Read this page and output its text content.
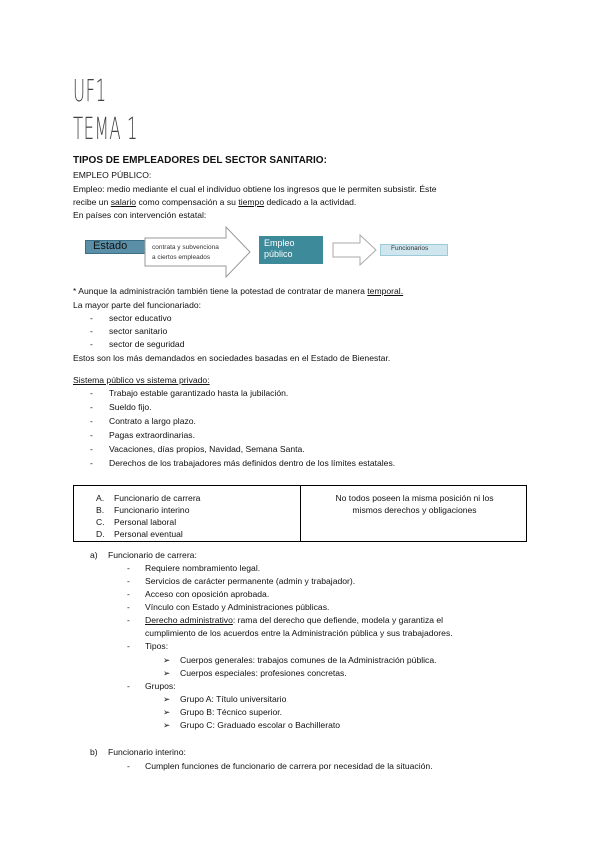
UF1
TEMA 1
TIPOS DE EMPLEADORES DEL SECTOR SANITARIO:
EMPLEO PÚBLICO:
Empleo: medio mediante el cual el individuo obtiene los ingresos que le permiten subsistir. Éste
recibe un salario como compensación a su tiempo dedicado a la actividad.
En países con intervención estatal:
Estado	contrata y subvenciona
a ciertos empleados
Empleo
público
Funcionarios
* Aunque la administración también tiene la potestad de contratar de manera temporal.
La mayor parte del funcionariado:
- sector educativo
- sector sanitario
- sector de seguridad
Estos son los más demandados en sociedades basadas en el Estado de Bienestar.
Sistema público vs sistema privado:
- Trabajo estable garantizado hasta la jubilación.
- Sueldo fijo.
- Contrato a largo plazo.
- Pagas extraordinarias.
- Vacaciones, días propios, Navidad, Semana Santa.
- Derechos de los trabajadores más definidos dentro de los límites estatales.
A. Funcionario de carrera
B. Funcionario interino
C. Personal laboral
D. Personal eventual
No todos poseen la misma posición ni los
mismos derechos y obligaciones
a) Funcionario de carrera:
- Requiere nombramiento legal.
- Servicios de carácter permanente (admin y trabajador).
- Acceso con oposición aprobada.
- Vínculo con Estado y Administraciones públicas.
- Derecho administrativo: rama del derecho que defiende, modela y garantiza el
cumplimiento de los acuerdos entre la Administración pública y sus trabajadores.
- Tipos:
➢ Cuerpos generales: trabajos comunes de la Administración pública.
➢ Cuerpos especiales: profesiones concretas.
- Grupos:
➢ Grupo A: Título universitario
➢ Grupo B: Técnico superior.
➢ Grupo C: Graduado escolar o Bachillerato
b) Funcionario interino:
- Cumplen funciones de funcionario de carrera por necesidad de la situación.
